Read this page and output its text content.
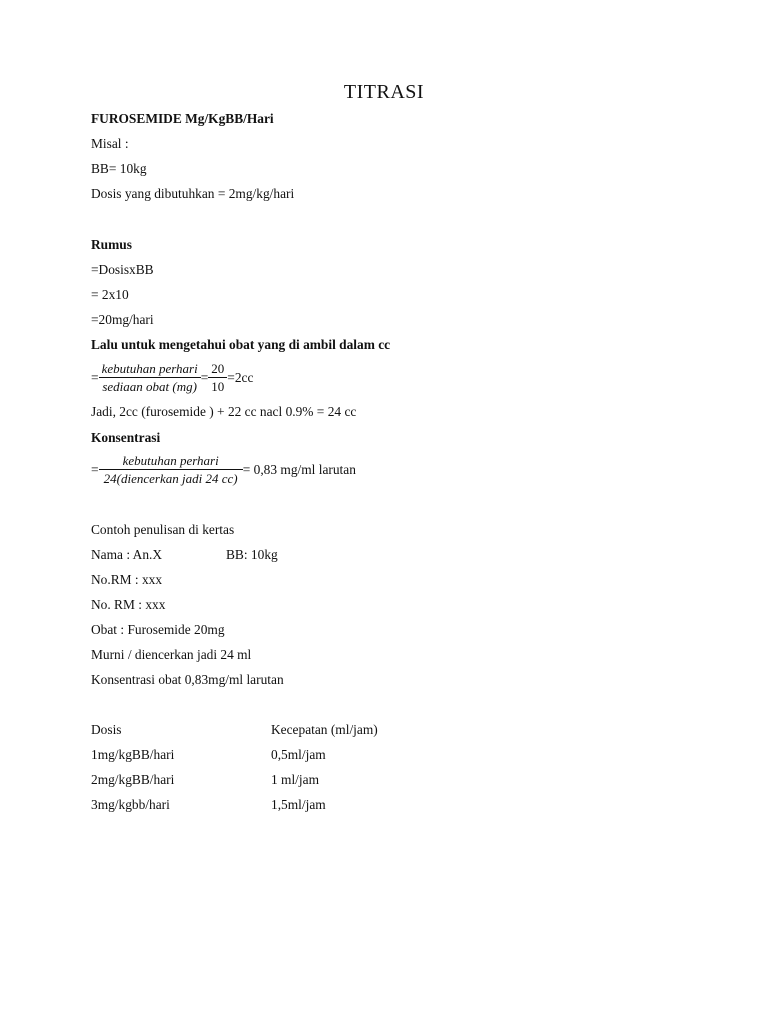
TITRASI
FUROSEMIDE Mg/KgBB/Hari
Misal :
BB= 10kg
Dosis yang dibutuhkan = 2mg/kg/hari
Rumus
=DosisxBB
= 2x10
=20mg/hari
Lalu untuk mengetahui obat yang di ambil dalam cc
= $\frac{\text{kebutuhan perhari}}{\text{sediaan obat (mg)}} = \frac{20}{10} =2cc$
Jadi, 2cc (furosemide ) + 22 cc nacl 0.9% = 24 cc
Konsentrasi
= $\frac{\text{kebutuhan perhari}}{\text{24(diencerkan jadi 24 cc)}} = 0,83$ mg/ml larutan
Contoh penulisan di kertas
Nama : An.X	BB: 10kg
No.RM : xxx
No. RM : xxx
Obat : Furosemide 20mg
Murni / diencerkan jadi 24 ml
Konsentrasi obat 0,83mg/ml larutan
Dosis	Kecepatan (ml/jam)
1mg/kgBB/hari	0,5ml/jam
2mg/kgBB/hari	1 ml/jam
3mg/kgbb/hari	1,5ml/jam
